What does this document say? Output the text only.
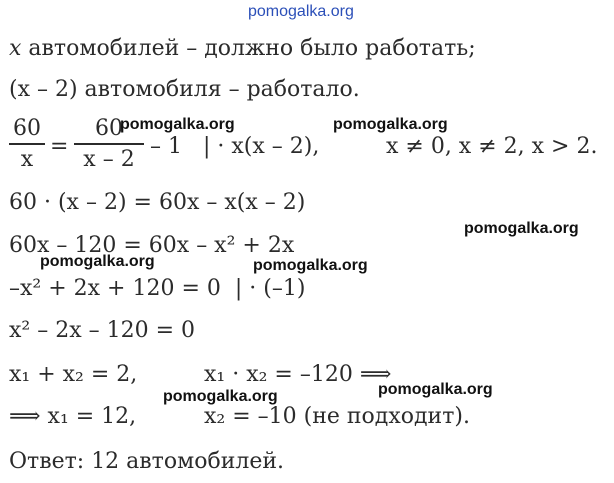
pomogalka.org
x автомобилей – должно было работать;
(x – 2) автомобиля – работало.
60
x =
60
x – 2 – 1   | · x(x – 2),	x ≠ 0, x ≠ 2, x > 2.
60 · (x – 2) = 60x – x(x – 2)
60x – 120 = 60x – x² + 2x
–x² + 2x + 120 = 0  | · (–1)
x² – 2x – 120 = 0
x₁ + x₂ = 2,	x₁ · x₂ = –120 ⟹
⟹ x₁ = 12,	x₂ = –10 (не подходит).
Ответ: 12 автомобилей.
pomogalka.org	pomogalka.org
pomogalka.org
pomogalka.org	pomogalka.org
pomogalka.org
pomogalka.org
